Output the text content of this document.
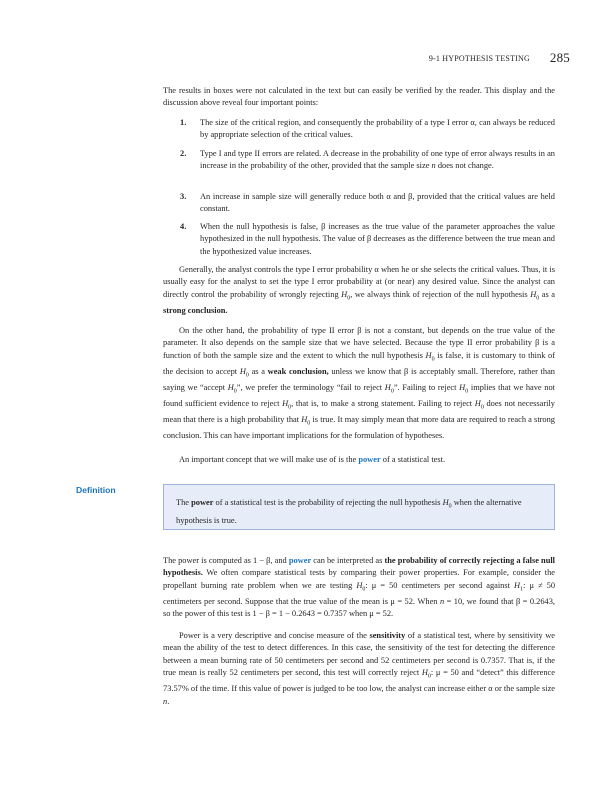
9-1 HYPOTHESIS TESTING 285

The results in boxes were not calculated in the text but can easily be verified by the reader. This display and the discussion above reveal four important points:

1. The size of the critical region, and consequently the probability of a type I error α, can always be reduced by appropriate selection of the critical values.
2. Type I and type II errors are related. A decrease in the probability of one type of error always results in an increase in the probability of the other, provided that the sample size n does not change.
3. An increase in sample size will generally reduce both α and β, provided that the critical values are held constant.
4. When the null hypothesis is false, β increases as the true value of the parameter approaches the value hypothesized in the null hypothesis. The value of β decreases as the difference between the true mean and the hypothesized value increases.

Generally, the analyst controls the type I error probability α when he or she selects the critical values. Thus, it is usually easy for the analyst to set the type I error probability at (or near) any desired value. Since the analyst can directly control the probability of wrongly rejecting $H_0$, we always think of rejection of the null hypothesis $H_0$ as a strong conclusion.

On the other hand, the probability of type II error β is not a constant, but depends on the true value of the parameter. It also depends on the sample size that we have selected. Because the type II error probability β is a function of both the sample size and the extent to which the null hypothesis $H_0$ is false, it is customary to think of the decision to accept $H_0$ as a weak conclusion, unless we know that β is acceptably small. Therefore, rather than saying we “accept $H_0$”, we prefer the terminology “fail to reject $H_0$”. Failing to reject $H_0$ implies that we have not found sufficient evidence to reject $H_0$, that is, to make a strong statement. Failing to reject $H_0$ does not necessarily mean that there is a high probability that $H_0$ is true. It may simply mean that more data are required to reach a strong conclusion. This can have important implications for the formulation of hypotheses.

An important concept that we will make use of is the power of a statistical test.

Definition
The power of a statistical test is the probability of rejecting the null hypothesis $H_0$ when the alternative hypothesis is true.

The power is computed as 1 − β, and power can be interpreted as the probability of correctly rejecting a false null hypothesis. We often compare statistical tests by comparing their power properties. For example, consider the propellant burning rate problem when we are testing $H_0$: μ = 50 centimeters per second against $H_1$: μ ≠ 50 centimeters per second. Suppose that the true value of the mean is μ = 52. When n = 10, we found that β = 0.2643, so the power of this test is 1 − β = 1 − 0.2643 = 0.7357 when μ = 52.

Power is a very descriptive and concise measure of the sensitivity of a statistical test, where by sensitivity we mean the ability of the test to detect differences. In this case, the sensitivity of the test for detecting the difference between a mean burning rate of 50 centimeters per second and 52 centimeters per second is 0.7357. That is, if the true mean is really 52 centimeters per second, this test will correctly reject $H_0$: μ = 50 and “detect” this difference 73.57% of the time. If this value of power is judged to be too low, the analyst can increase either α or the sample size n.
